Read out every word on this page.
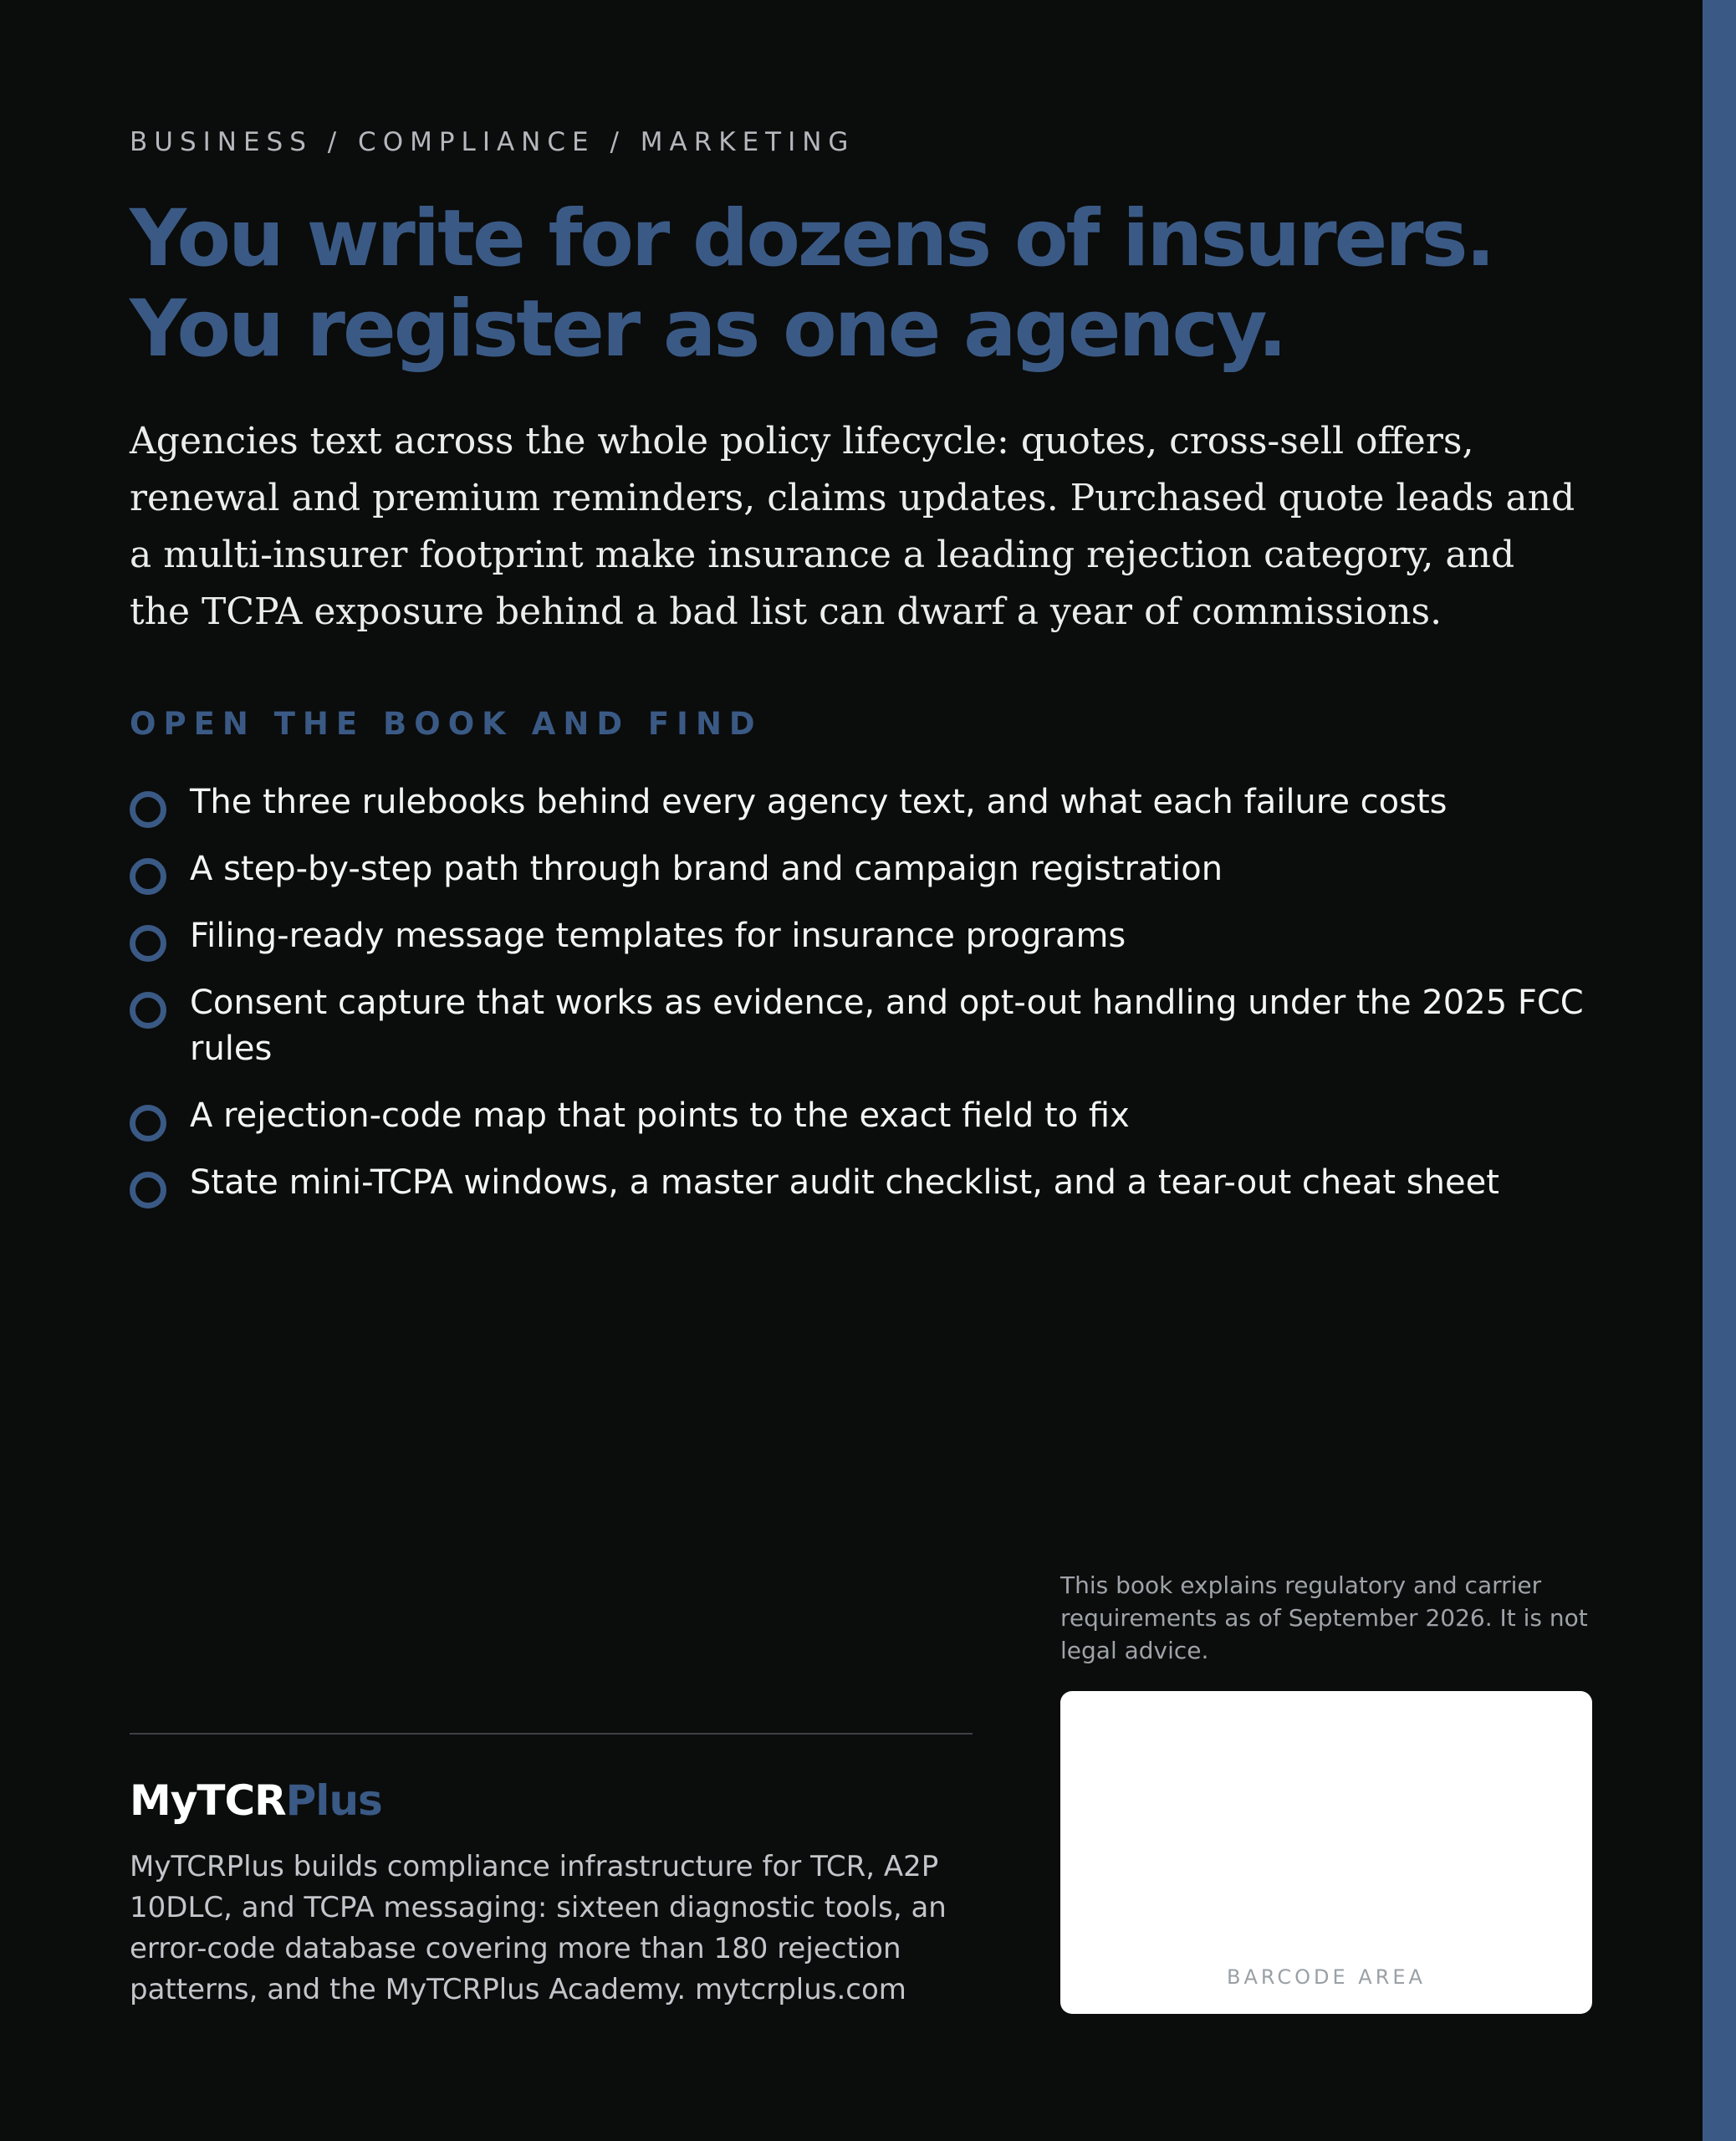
BUSINESS / COMPLIANCE / MARKETING
You write for dozens of insurers. You register as one agency.

Agencies text across the whole policy lifecycle: quotes, cross-sell offers, renewal and premium reminders, claims updates. Purchased quote leads and a multi-insurer footprint make insurance a leading rejection category, and the TCPA exposure behind a bad list can dwarf a year of commissions.

OPEN THE BOOK AND FIND
The three rulebooks behind every agency text, and what each failure costs
A step-by-step path through brand and campaign registration
Filing-ready message templates for insurance programs
Consent capture that works as evidence, and opt-out handling under the 2025 FCC rules
A rejection-code map that points to the exact field to fix
State mini-TCPA windows, a master audit checklist, and a tear-out cheat sheet

This book explains regulatory and carrier requirements as of September 2026. It is not legal advice.

BARCODE AREA
MyTCRPlus

MyTCRPlus builds compliance infrastructure for TCR, A2P 10DLC, and TCPA messaging: sixteen diagnostic tools, an error-code database covering more than 180 rejection patterns, and the MyTCRPlus Academy. mytcrplus.com
